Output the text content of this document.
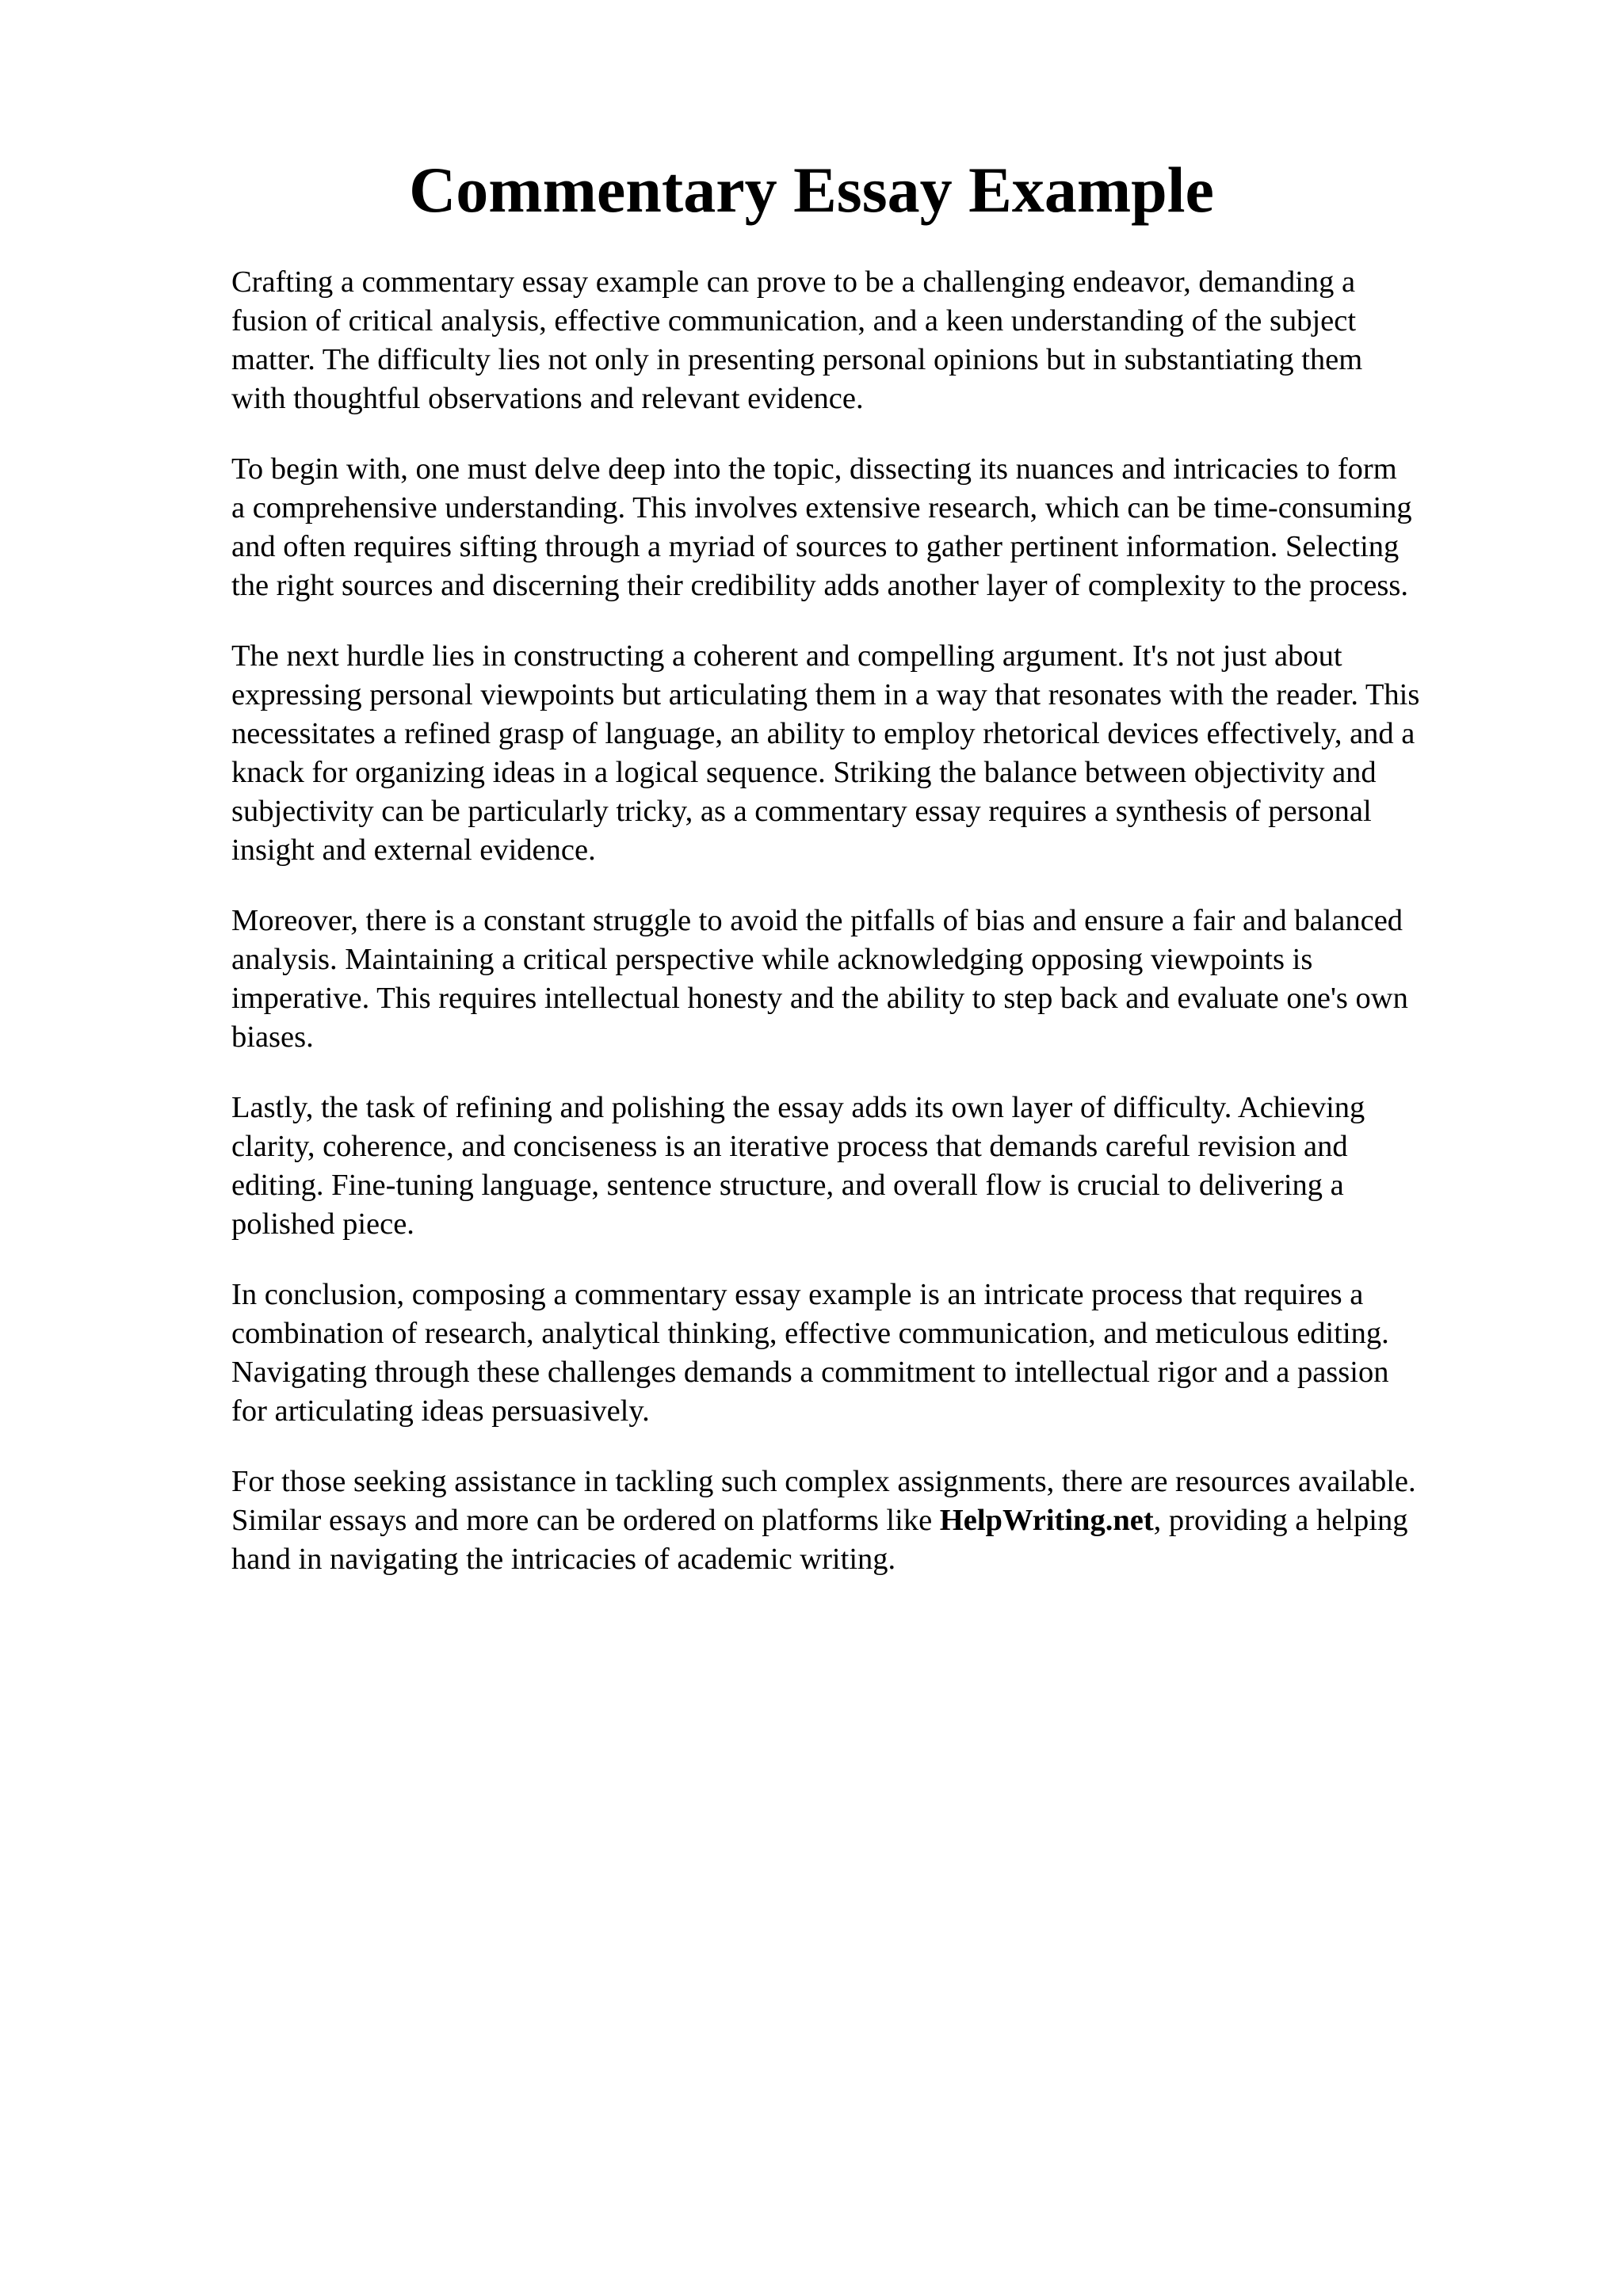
Commentary Essay Example

Crafting a commentary essay example can prove to be a challenging endeavor, demanding a
fusion of critical analysis, effective communication, and a keen understanding of the subject
matter. The difficulty lies not only in presenting personal opinions but in substantiating them
with thoughtful observations and relevant evidence.

To begin with, one must delve deep into the topic, dissecting its nuances and intricacies to form
a comprehensive understanding. This involves extensive research, which can be time-consuming
and often requires sifting through a myriad of sources to gather pertinent information. Selecting
the right sources and discerning their credibility adds another layer of complexity to the process.

The next hurdle lies in constructing a coherent and compelling argument. It's not just about
expressing personal viewpoints but articulating them in a way that resonates with the reader. This
necessitates a refined grasp of language, an ability to employ rhetorical devices effectively, and a
knack for organizing ideas in a logical sequence. Striking the balance between objectivity and
subjectivity can be particularly tricky, as a commentary essay requires a synthesis of personal
insight and external evidence.

Moreover, there is a constant struggle to avoid the pitfalls of bias and ensure a fair and balanced
analysis. Maintaining a critical perspective while acknowledging opposing viewpoints is
imperative. This requires intellectual honesty and the ability to step back and evaluate one's own
biases.

Lastly, the task of refining and polishing the essay adds its own layer of difficulty. Achieving
clarity, coherence, and conciseness is an iterative process that demands careful revision and
editing. Fine-tuning language, sentence structure, and overall flow is crucial to delivering a
polished piece.

In conclusion, composing a commentary essay example is an intricate process that requires a
combination of research, analytical thinking, effective communication, and meticulous editing.
Navigating through these challenges demands a commitment to intellectual rigor and a passion
for articulating ideas persuasively.

For those seeking assistance in tackling such complex assignments, there are resources available.
Similar essays and more can be ordered on platforms like HelpWriting.net, providing a helping
hand in navigating the intricacies of academic writing.
